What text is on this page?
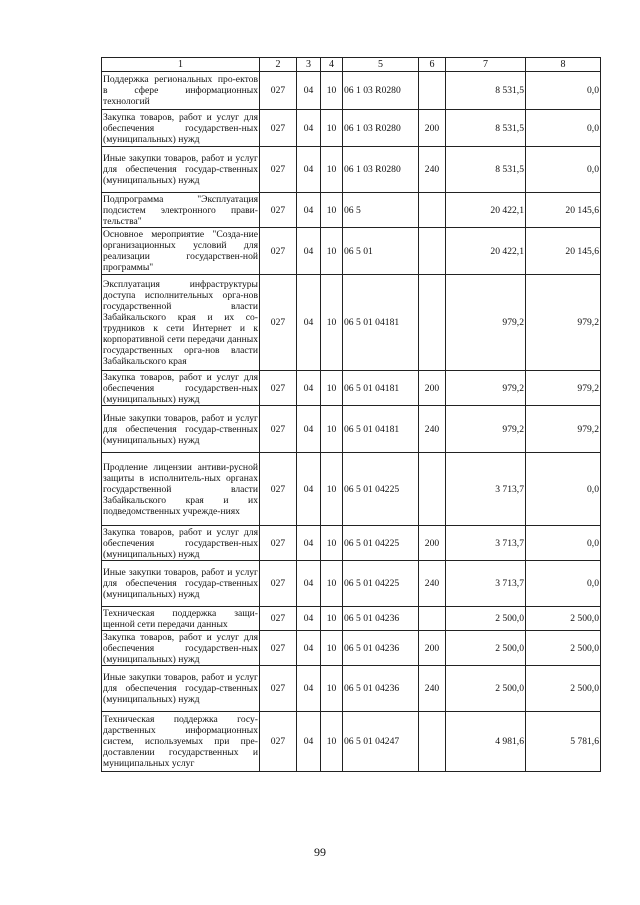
1	2	3	4	5	6	7	8
Поддержка региональных про-ектов в сфере информационных технологий	027	04	10	06 1 03 R0280		8 531,5	0,0
Закупка товаров, работ и услуг для обеспечения государствен-ных (муниципальных) нужд	027	04	10	06 1 03 R0280	200	8 531,5	0,0
Иные закупки товаров, работ и услуг для обеспечения государ-ственных (муниципальных) нужд	027	04	10	06 1 03 R0280	240	8 531,5	0,0
Подпрограмма "Эксплуатация подсистем электронного прави-тельства"	027	04	10	06 5		20 422,1	20 145,6
Основное мероприятие "Созда-ние организационных условий для реализации государствен-ной программы"	027	04	10	06 5 01		20 422,1	20 145,6
Эксплуатация инфраструктуры доступа исполнительных орга-нов государственной власти Забайкальского края и их со-трудников к сети Интернет и к корпоративной сети передачи данных государственных орга-нов власти Забайкальского края	027	04	10	06 5 01 04181		979,2	979,2
Закупка товаров, работ и услуг для обеспечения государствен-ных (муниципальных) нужд	027	04	10	06 5 01 04181	200	979,2	979,2
Иные закупки товаров, работ и услуг для обеспечения государ-ственных (муниципальных) нужд	027	04	10	06 5 01 04181	240	979,2	979,2
Продление лицензии антиви-русной защиты в исполнитель-ных органах государственной власти Забайкальского края и их подведомственных учрежде-ниях	027	04	10	06 5 01 04225		3 713,7	0,0
Закупка товаров, работ и услуг для обеспечения государствен-ных (муниципальных) нужд	027	04	10	06 5 01 04225	200	3 713,7	0,0
Иные закупки товаров, работ и услуг для обеспечения государ-ственных (муниципальных) нужд	027	04	10	06 5 01 04225	240	3 713,7	0,0
Техническая поддержка защи-щенной сети передачи данных	027	04	10	06 5 01 04236		2 500,0	2 500,0
Закупка товаров, работ и услуг для обеспечения государствен-ных (муниципальных) нужд	027	04	10	06 5 01 04236	200	2 500,0	2 500,0
Иные закупки товаров, работ и услуг для обеспечения государ-ственных (муниципальных) нужд	027	04	10	06 5 01 04236	240	2 500,0	2 500,0
Техническая поддержка госу-дарственных информационных систем, используемых при пре-доставлении государственных и муниципальных услуг	027	04	10	06 5 01 04247		4 981,6	5 781,6
99
